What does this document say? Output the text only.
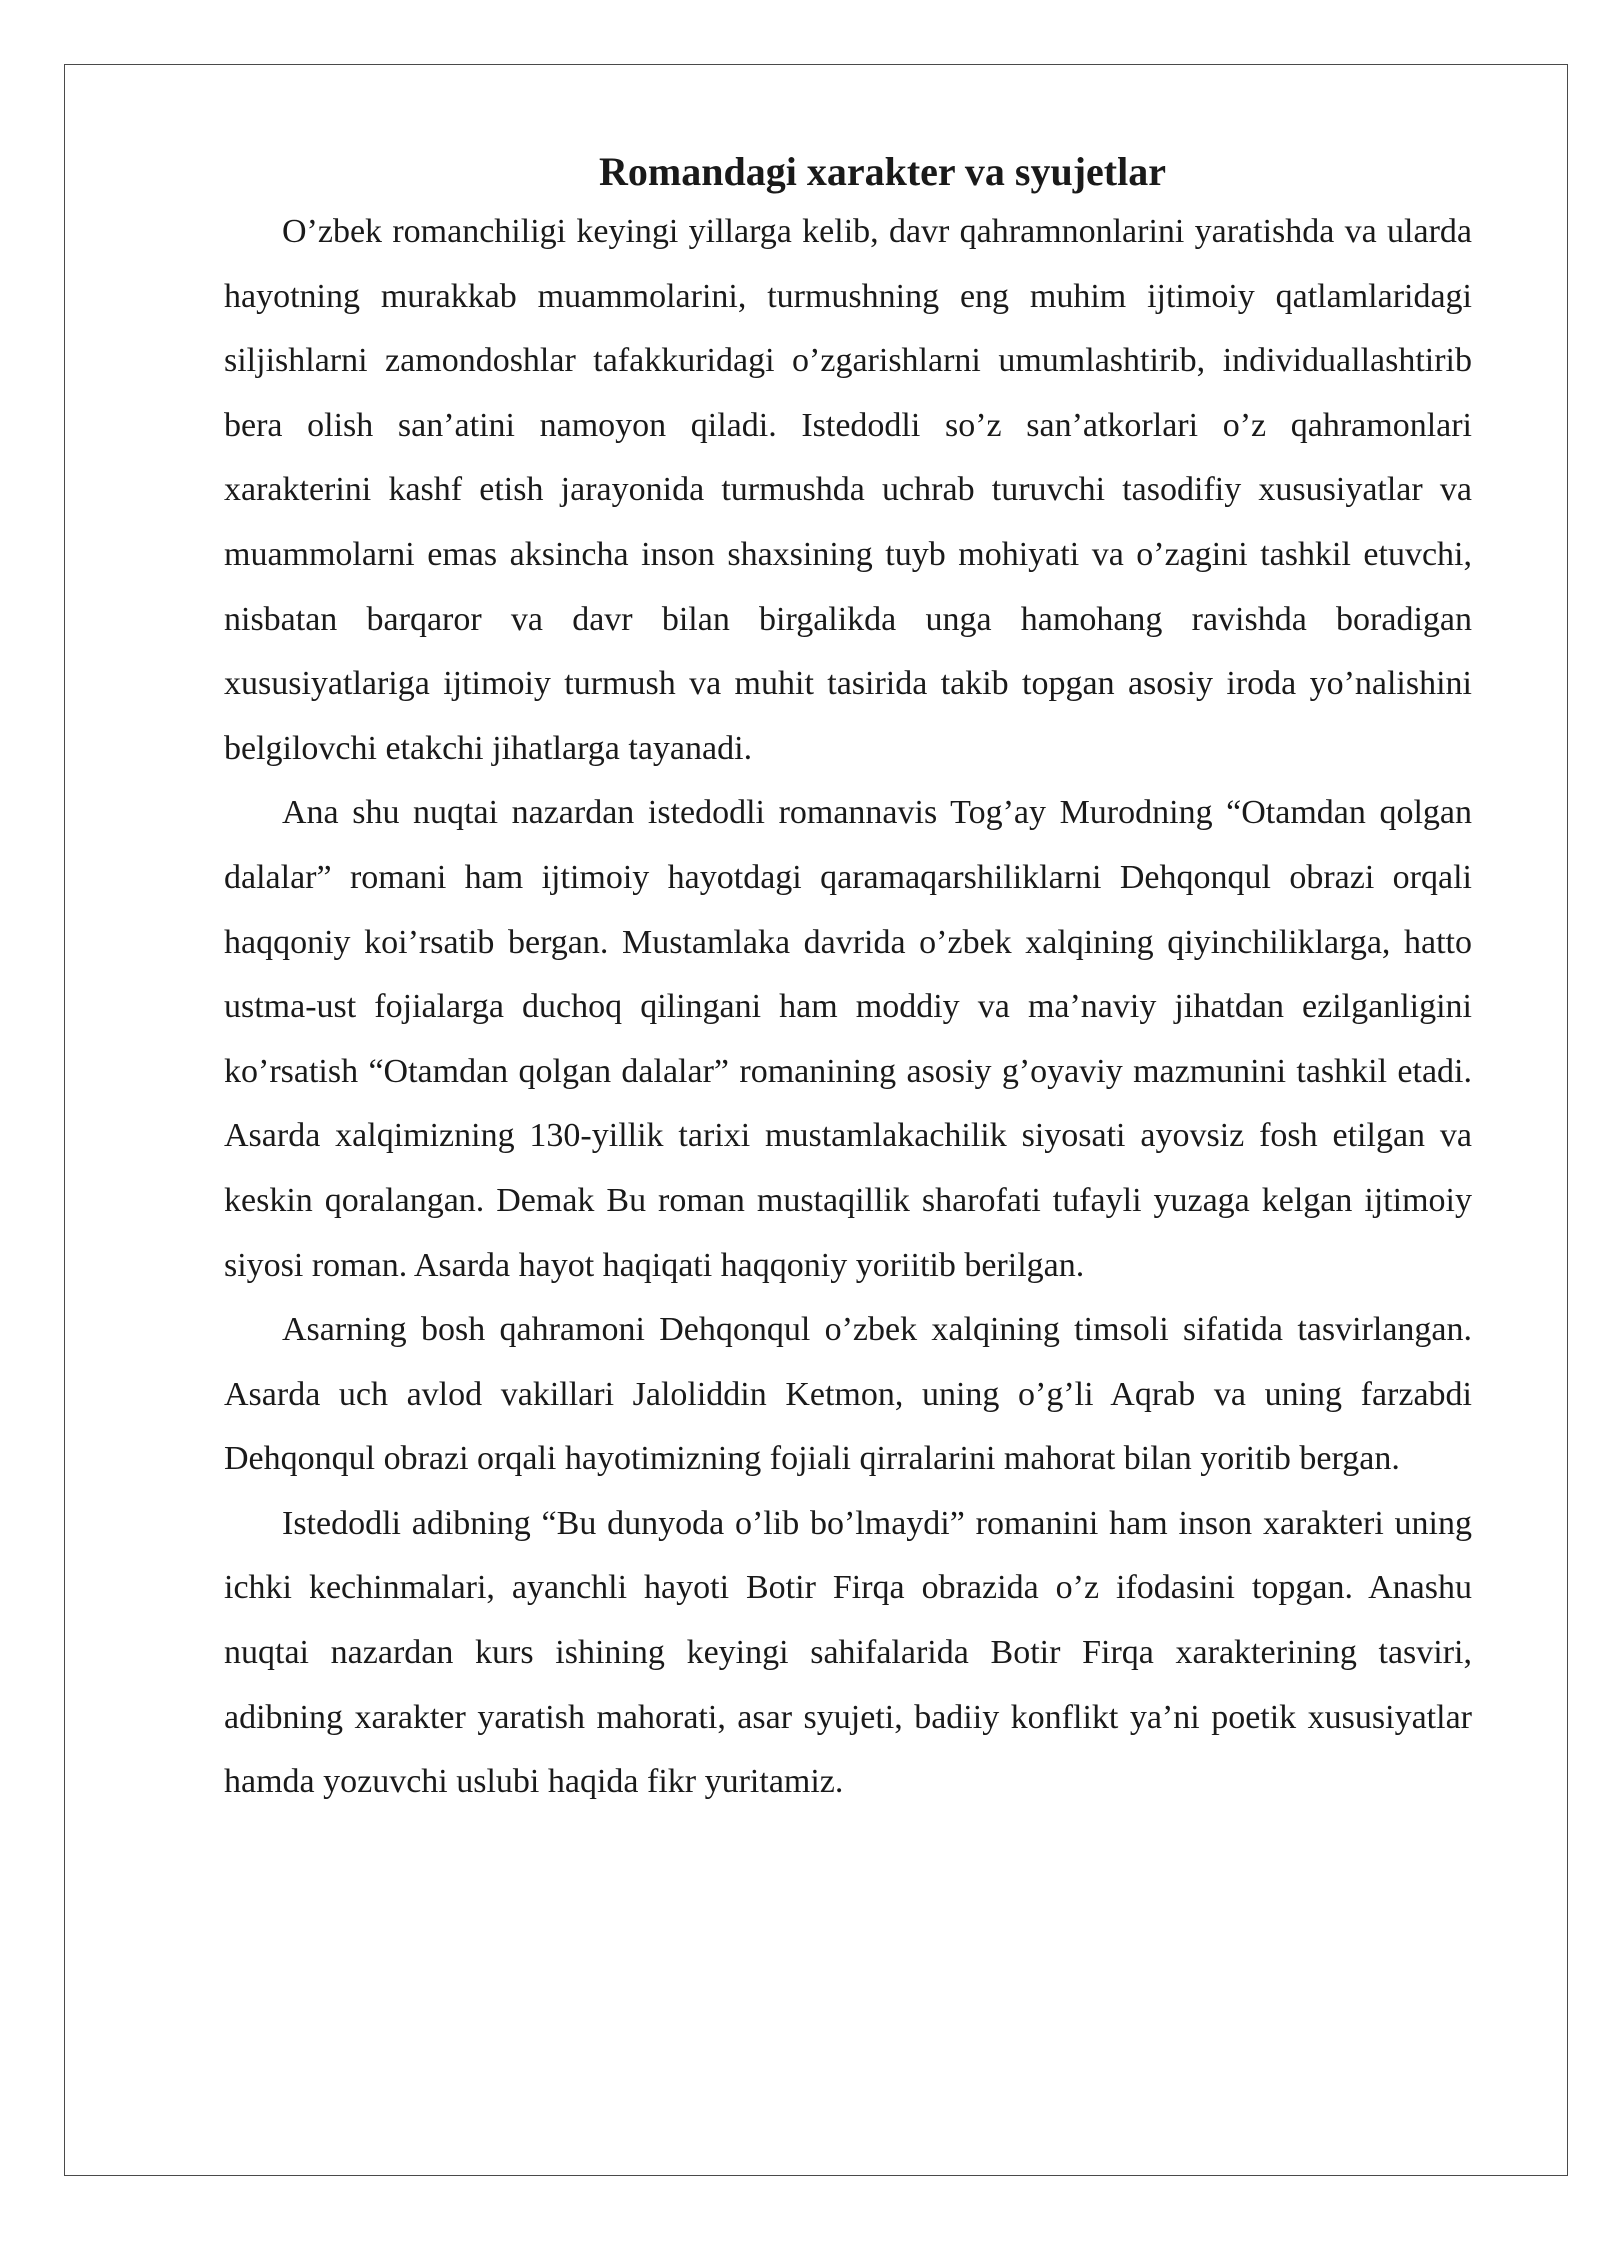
Romandagi xarakter va syujetlar

O’zbek romanchiligi keyingi yillarga kelib, davr qahramnonlarini yaratishda va ularda hayotning murakkab muammolarini, turmushning eng muhim ijtimoiy qatlamlaridagi siljishlarni zamondoshlar tafakkuridagi o’zgarishlarni umumlashtirib, individuallashtirib bera olish san’atini namoyon qiladi. Istedodli so’z san’atkorlari o’z qahramonlari xarakterini kashf etish jarayonida turmushda uchrab turuvchi tasodifiy xususiyatlar va muammolarni emas aksincha inson shaxsining tuyb mohiyati va o’zagini tashkil etuvchi, nisbatan barqaror va davr bilan birgalikda unga hamohang ravishda boradigan xususiyatlariga ijtimoiy turmush va muhit tasirida takib topgan asosiy iroda yo’nalishini belgilovchi etakchi jihatlarga tayanadi.

Ana shu nuqtai nazardan istedodli romannavis Tog’ay Murodning “Otamdan qolgan dalalar” romani ham ijtimoiy hayotdagi qaramaqarshiliklarni Dehqonqul obrazi orqali haqqoniy koi’rsatib bergan. Mustamlaka davrida o’zbek xalqining qiyinchiliklarga, hatto ustma-ust fojialarga duchoq qilingani ham moddiy va ma’naviy jihatdan ezilganligini ko’rsatish “Otamdan qolgan dalalar” romanining asosiy g’oyaviy mazmunini tashkil etadi. Asarda xalqimizning 130-yillik tarixi mustamlakachilik siyosati ayovsiz fosh etilgan va keskin qoralangan. Demak Bu roman mustaqillik sharofati tufayli yuzaga kelgan ijtimoiy siyosi roman. Asarda hayot haqiqati haqqoniy yoriitib berilgan.

Asarning bosh qahramoni Dehqonqul o’zbek xalqining timsoli sifatida tasvirlangan. Asarda uch avlod vakillari Jaloliddin Ketmon, uning o’g’li Aqrab va uning farzabdi Dehqonqul obrazi orqali hayotimizning fojiali qirralarini mahorat bilan yoritib bergan.

Istedodli adibning “Bu dunyoda o’lib bo’lmaydi” romanini ham inson xarakteri uning ichki kechinmalari, ayanchli hayoti Botir Firqa obrazida o’z ifodasini topgan. Anashu nuqtai nazardan kurs ishining keyingi sahifalarida Botir Firqa xarakterining tasviri, adibning xarakter yaratish mahorati, asar syujeti, badiiy konflikt ya’ni poetik xususiyatlar hamda yozuvchi uslubi haqida fikr yuritamiz.
